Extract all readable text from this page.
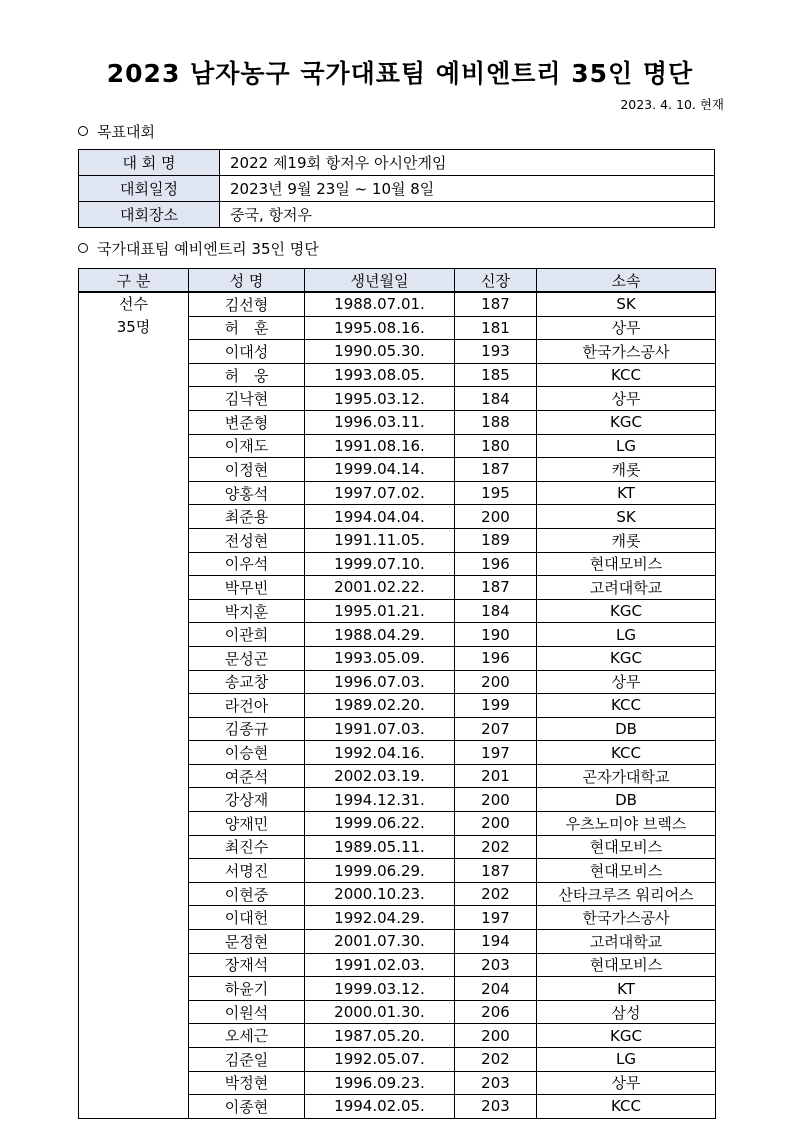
2023 남자농구 국가대표팀 예비엔트리 35인 명단
2023. 4. 10. 현재
목표대회
대 회 명	2022 제19회 항저우 아시안게임
대회일정	2023년 9월 23일 ~ 10월 8일
대회장소	중국, 항저우
국가대표팀 예비엔트리 35인 명단
구 분	성 명	생년월일	신장	소속

선수
35명	김선형	1988.07.01.	187	SK
	허　훈	1995.08.16.	181	상무
	이대성	1990.05.30.	193	한국가스공사
	허　웅	1993.08.05.	185	KCC
	김낙현	1995.03.12.	184	상무
	변준형	1996.03.11.	188	KGC
	이재도	1991.08.16.	180	LG
	이정현	1999.04.14.	187	캐롯
	양홍석	1997.07.02.	195	KT
	최준용	1994.04.04.	200	SK
	전성현	1991.11.05.	189	캐롯
	이우석	1999.07.10.	196	현대모비스
	박무빈	2001.02.22.	187	고려대학교
	박지훈	1995.01.21.	184	KGC
	이관희	1988.04.29.	190	LG
	문성곤	1993.05.09.	196	KGC
	송교창	1996.07.03.	200	상무
	라건아	1989.02.20.	199	KCC
	김종규	1991.07.03.	207	DB
	이승현	1992.04.16.	197	KCC
	여준석	2002.03.19.	201	곤자가대학교
	강상재	1994.12.31.	200	DB
	양재민	1999.06.22.	200	우츠노미야 브렉스
	최진수	1989.05.11.	202	현대모비스
	서명진	1999.06.29.	187	현대모비스
	이현중	2000.10.23.	202	산타크루즈 워리어스
	이대헌	1992.04.29.	197	한국가스공사
	문정현	2001.07.30.	194	고려대학교
	장재석	1991.02.03.	203	현대모비스
	하윤기	1999.03.12.	204	KT
	이원석	2000.01.30.	206	삼성
	오세근	1987.05.20.	200	KGC
	김준일	1992.05.07.	202	LG
	박정현	1996.09.23.	203	상무
	이종현	1994.02.05.	203	KCC
